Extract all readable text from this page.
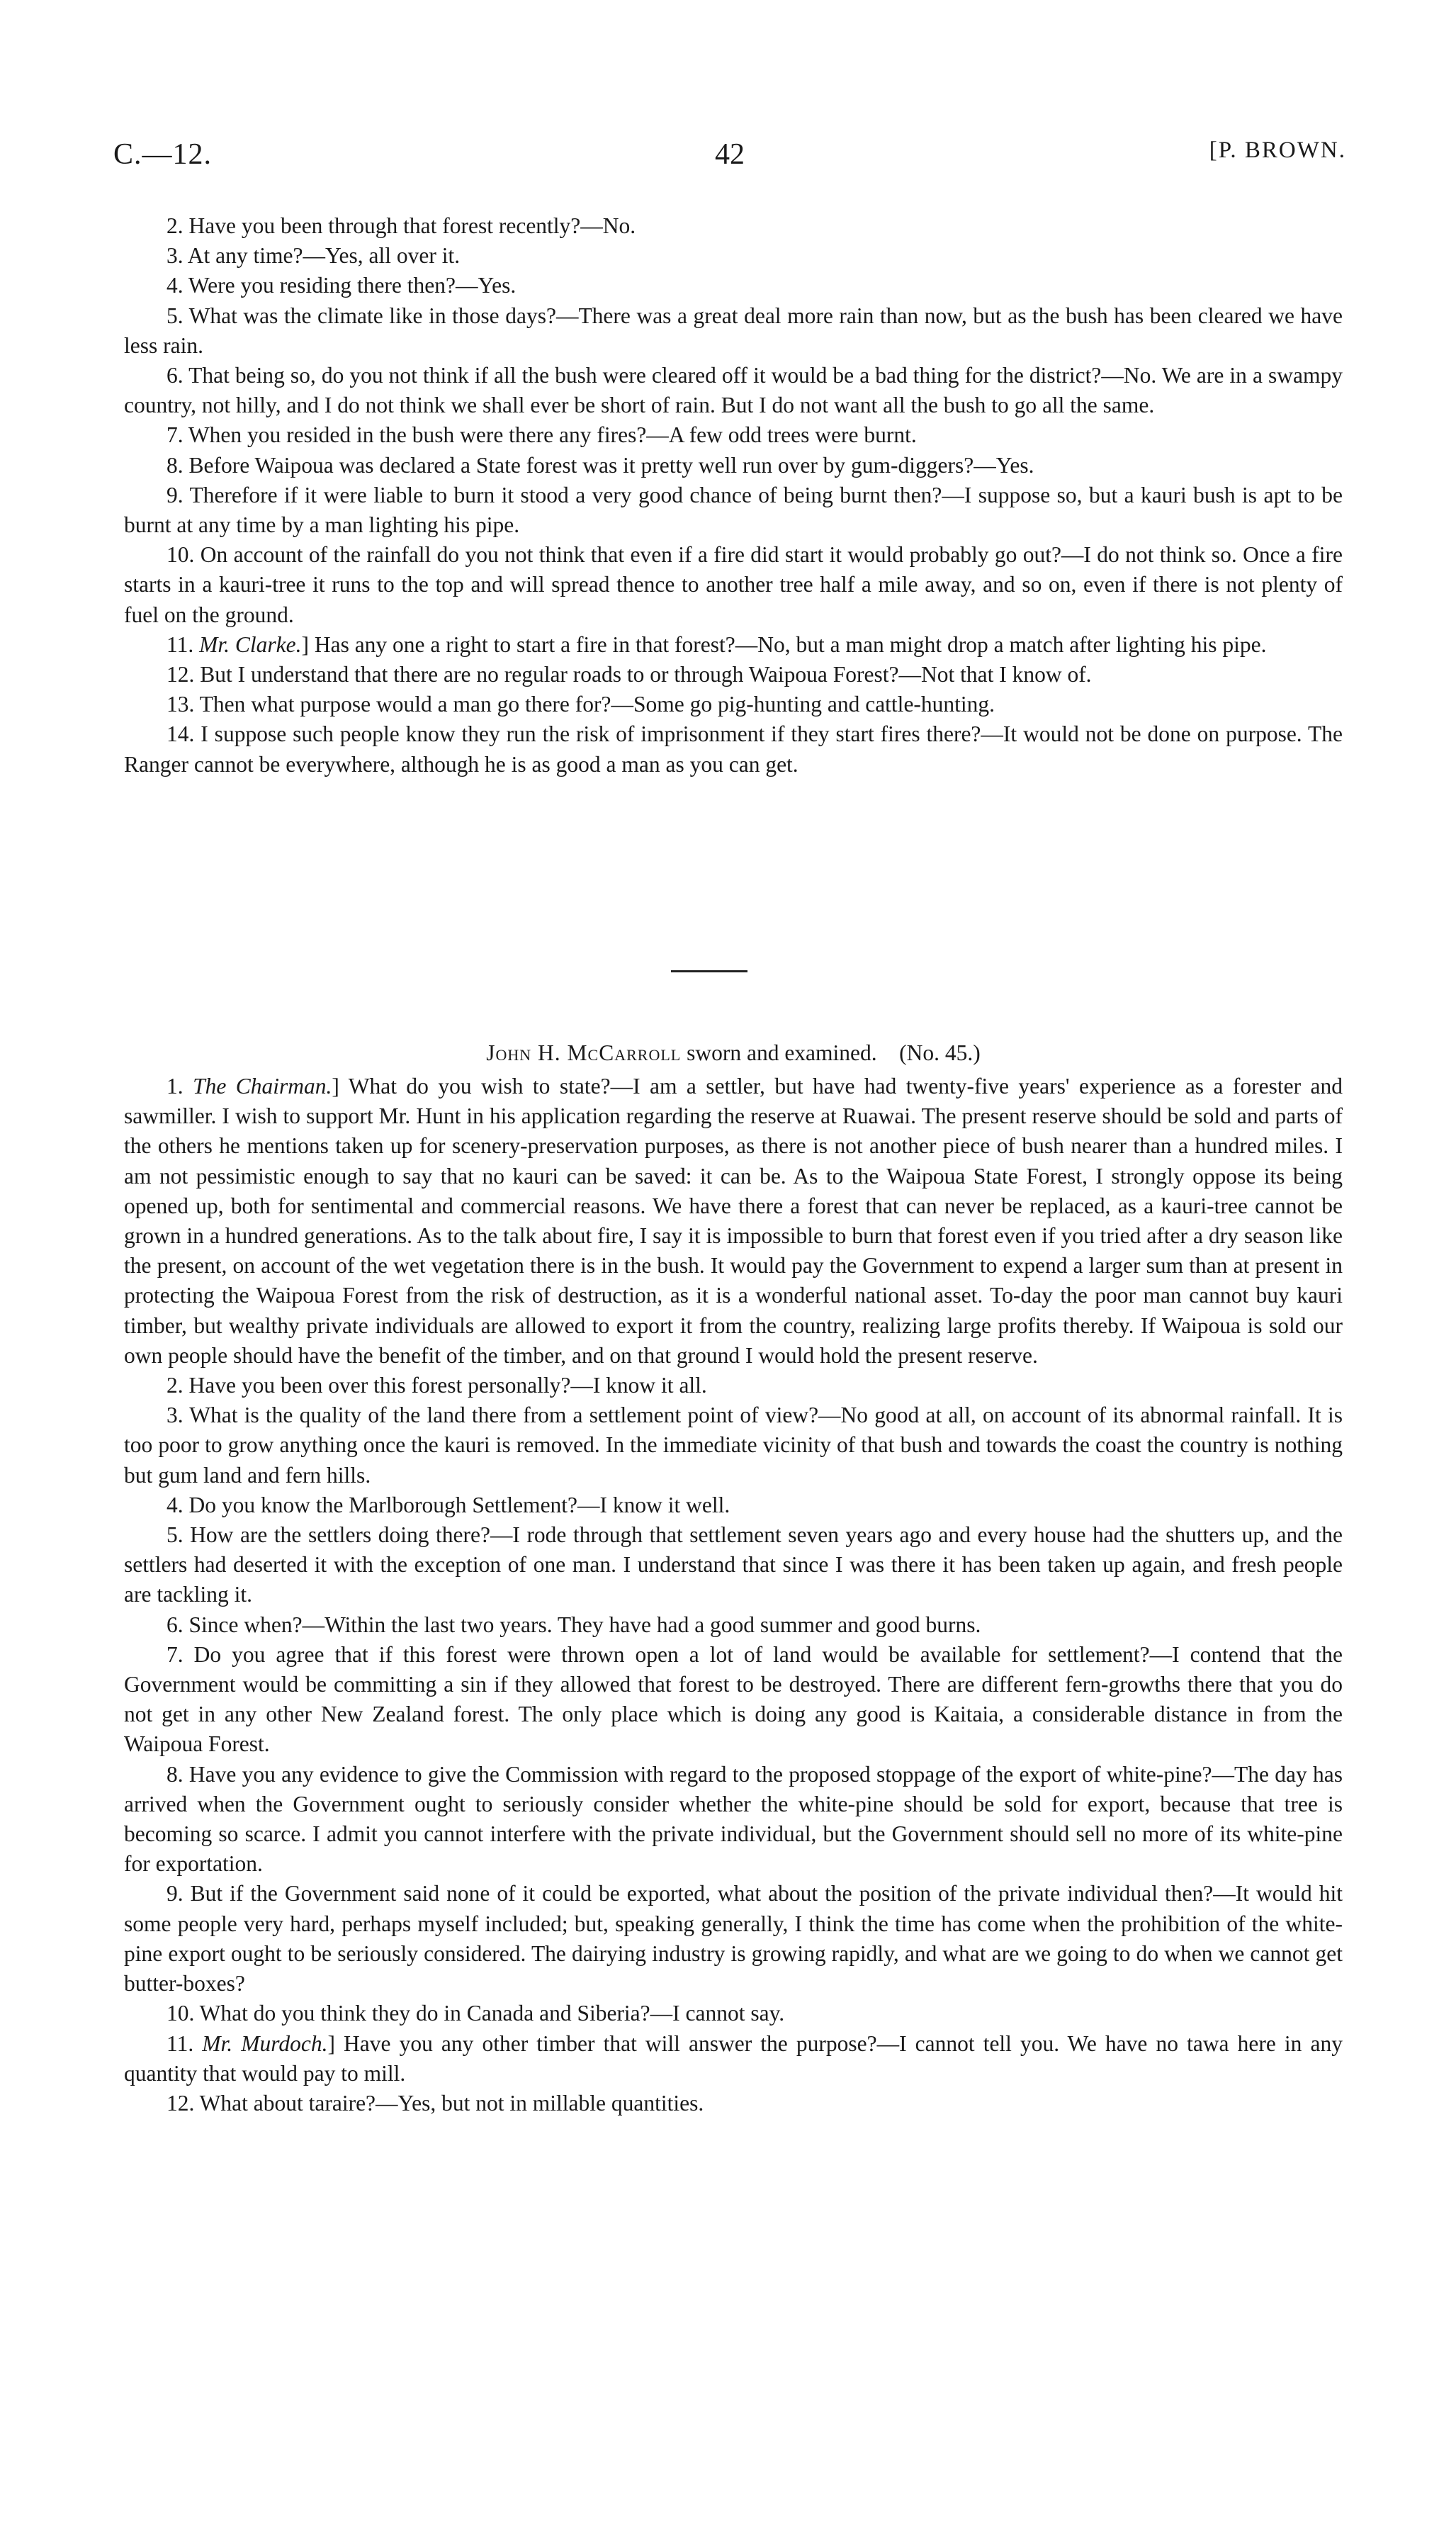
C.—12.	42	[P. BROWN.

2. Have you been through that forest recently?—No.

3. At any time?—Yes, all over it.

4. Were you residing there then?—Yes.

5. What was the climate like in those days?—There was a great deal more rain than now, but as the bush has been cleared we have less rain.

6. That being so, do you not think if all the bush were cleared off it would be a bad thing for the district?—No. We are in a swampy country, not hilly, and I do not think we shall ever be short of rain. But I do not want all the bush to go all the same.

7. When you resided in the bush were there any fires?—A few odd trees were burnt.

8. Before Waipoua was declared a State forest was it pretty well run over by gum-diggers?—Yes.

9. Therefore if it were liable to burn it stood a very good chance of being burnt then?—I suppose so, but a kauri bush is apt to be burnt at any time by a man lighting his pipe.

10. On account of the rainfall do you not think that even if a fire did start it would probably go out?—I do not think so. Once a fire starts in a kauri-tree it runs to the top and will spread thence to another tree half a mile away, and so on, even if there is not plenty of fuel on the ground.

11. Mr. Clarke.] Has any one a right to start a fire in that forest?—No, but a man might drop a match after lighting his pipe.

12. But I understand that there are no regular roads to or through Waipoua Forest?—Not that I know of.

13. Then what purpose would a man go there for?—Some go pig-hunting and cattle-hunting.

14. I suppose such people know they run the risk of imprisonment if they start fires there?—It would not be done on purpose. The Ranger cannot be everywhere, although he is as good a man as you can get.

John H. McCarroll sworn and examined. (No. 45.)

1. The Chairman.] What do you wish to state?—I am a settler, but have had twenty-five years' experience as a forester and sawmiller. I wish to support Mr. Hunt in his application regarding the reserve at Ruawai. The present reserve should be sold and parts of the others he mentions taken up for scenery-preservation purposes, as there is not another piece of bush nearer than a hundred miles. I am not pessimistic enough to say that no kauri can be saved: it can be. As to the Waipoua State Forest, I strongly oppose its being opened up, both for sentimental and commercial reasons. We have there a forest that can never be replaced, as a kauri-tree cannot be grown in a hundred generations. As to the talk about fire, I say it is impossible to burn that forest even if you tried after a dry season like the present, on account of the wet vegetation there is in the bush. It would pay the Government to expend a larger sum than at present in protecting the Waipoua Forest from the risk of destruction, as it is a wonderful national asset. To-day the poor man cannot buy kauri timber, but wealthy private individuals are allowed to export it from the country, realizing large profits thereby. If Waipoua is sold our own people should have the benefit of the timber, and on that ground I would hold the present reserve.

2. Have you been over this forest personally?—I know it all.

3. What is the quality of the land there from a settlement point of view?—No good at all, on account of its abnormal rainfall. It is too poor to grow anything once the kauri is removed. In the immediate vicinity of that bush and towards the coast the country is nothing but gum land and fern hills.

4. Do you know the Marlborough Settlement?—I know it well.

5. How are the settlers doing there?—I rode through that settlement seven years ago and every house had the shutters up, and the settlers had deserted it with the exception of one man. I understand that since I was there it has been taken up again, and fresh people are tackling it.

6. Since when?—Within the last two years. They have had a good summer and good burns.

7. Do you agree that if this forest were thrown open a lot of land would be available for settlement?—I contend that the Government would be committing a sin if they allowed that forest to be destroyed. There are different fern-growths there that you do not get in any other New Zealand forest. The only place which is doing any good is Kaitaia, a considerable distance in from the Waipoua Forest.

8. Have you any evidence to give the Commission with regard to the proposed stoppage of the export of white-pine?—The day has arrived when the Government ought to seriously consider whether the white-pine should be sold for export, because that tree is becoming so scarce. I admit you cannot interfere with the private individual, but the Government should sell no more of its white-pine for exportation.

9. But if the Government said none of it could be exported, what about the position of the private individual then?—It would hit some people very hard, perhaps myself included; but, speaking generally, I think the time has come when the prohibition of the white-pine export ought to be seriously considered. The dairying industry is growing rapidly, and what are we going to do when we cannot get butter-boxes?

10. What do you think they do in Canada and Siberia?—I cannot say.

11. Mr. Murdoch.] Have you any other timber that will answer the purpose?—I cannot tell you. We have no tawa here in any quantity that would pay to mill.

12. What about taraire?—Yes, but not in millable quantities.
